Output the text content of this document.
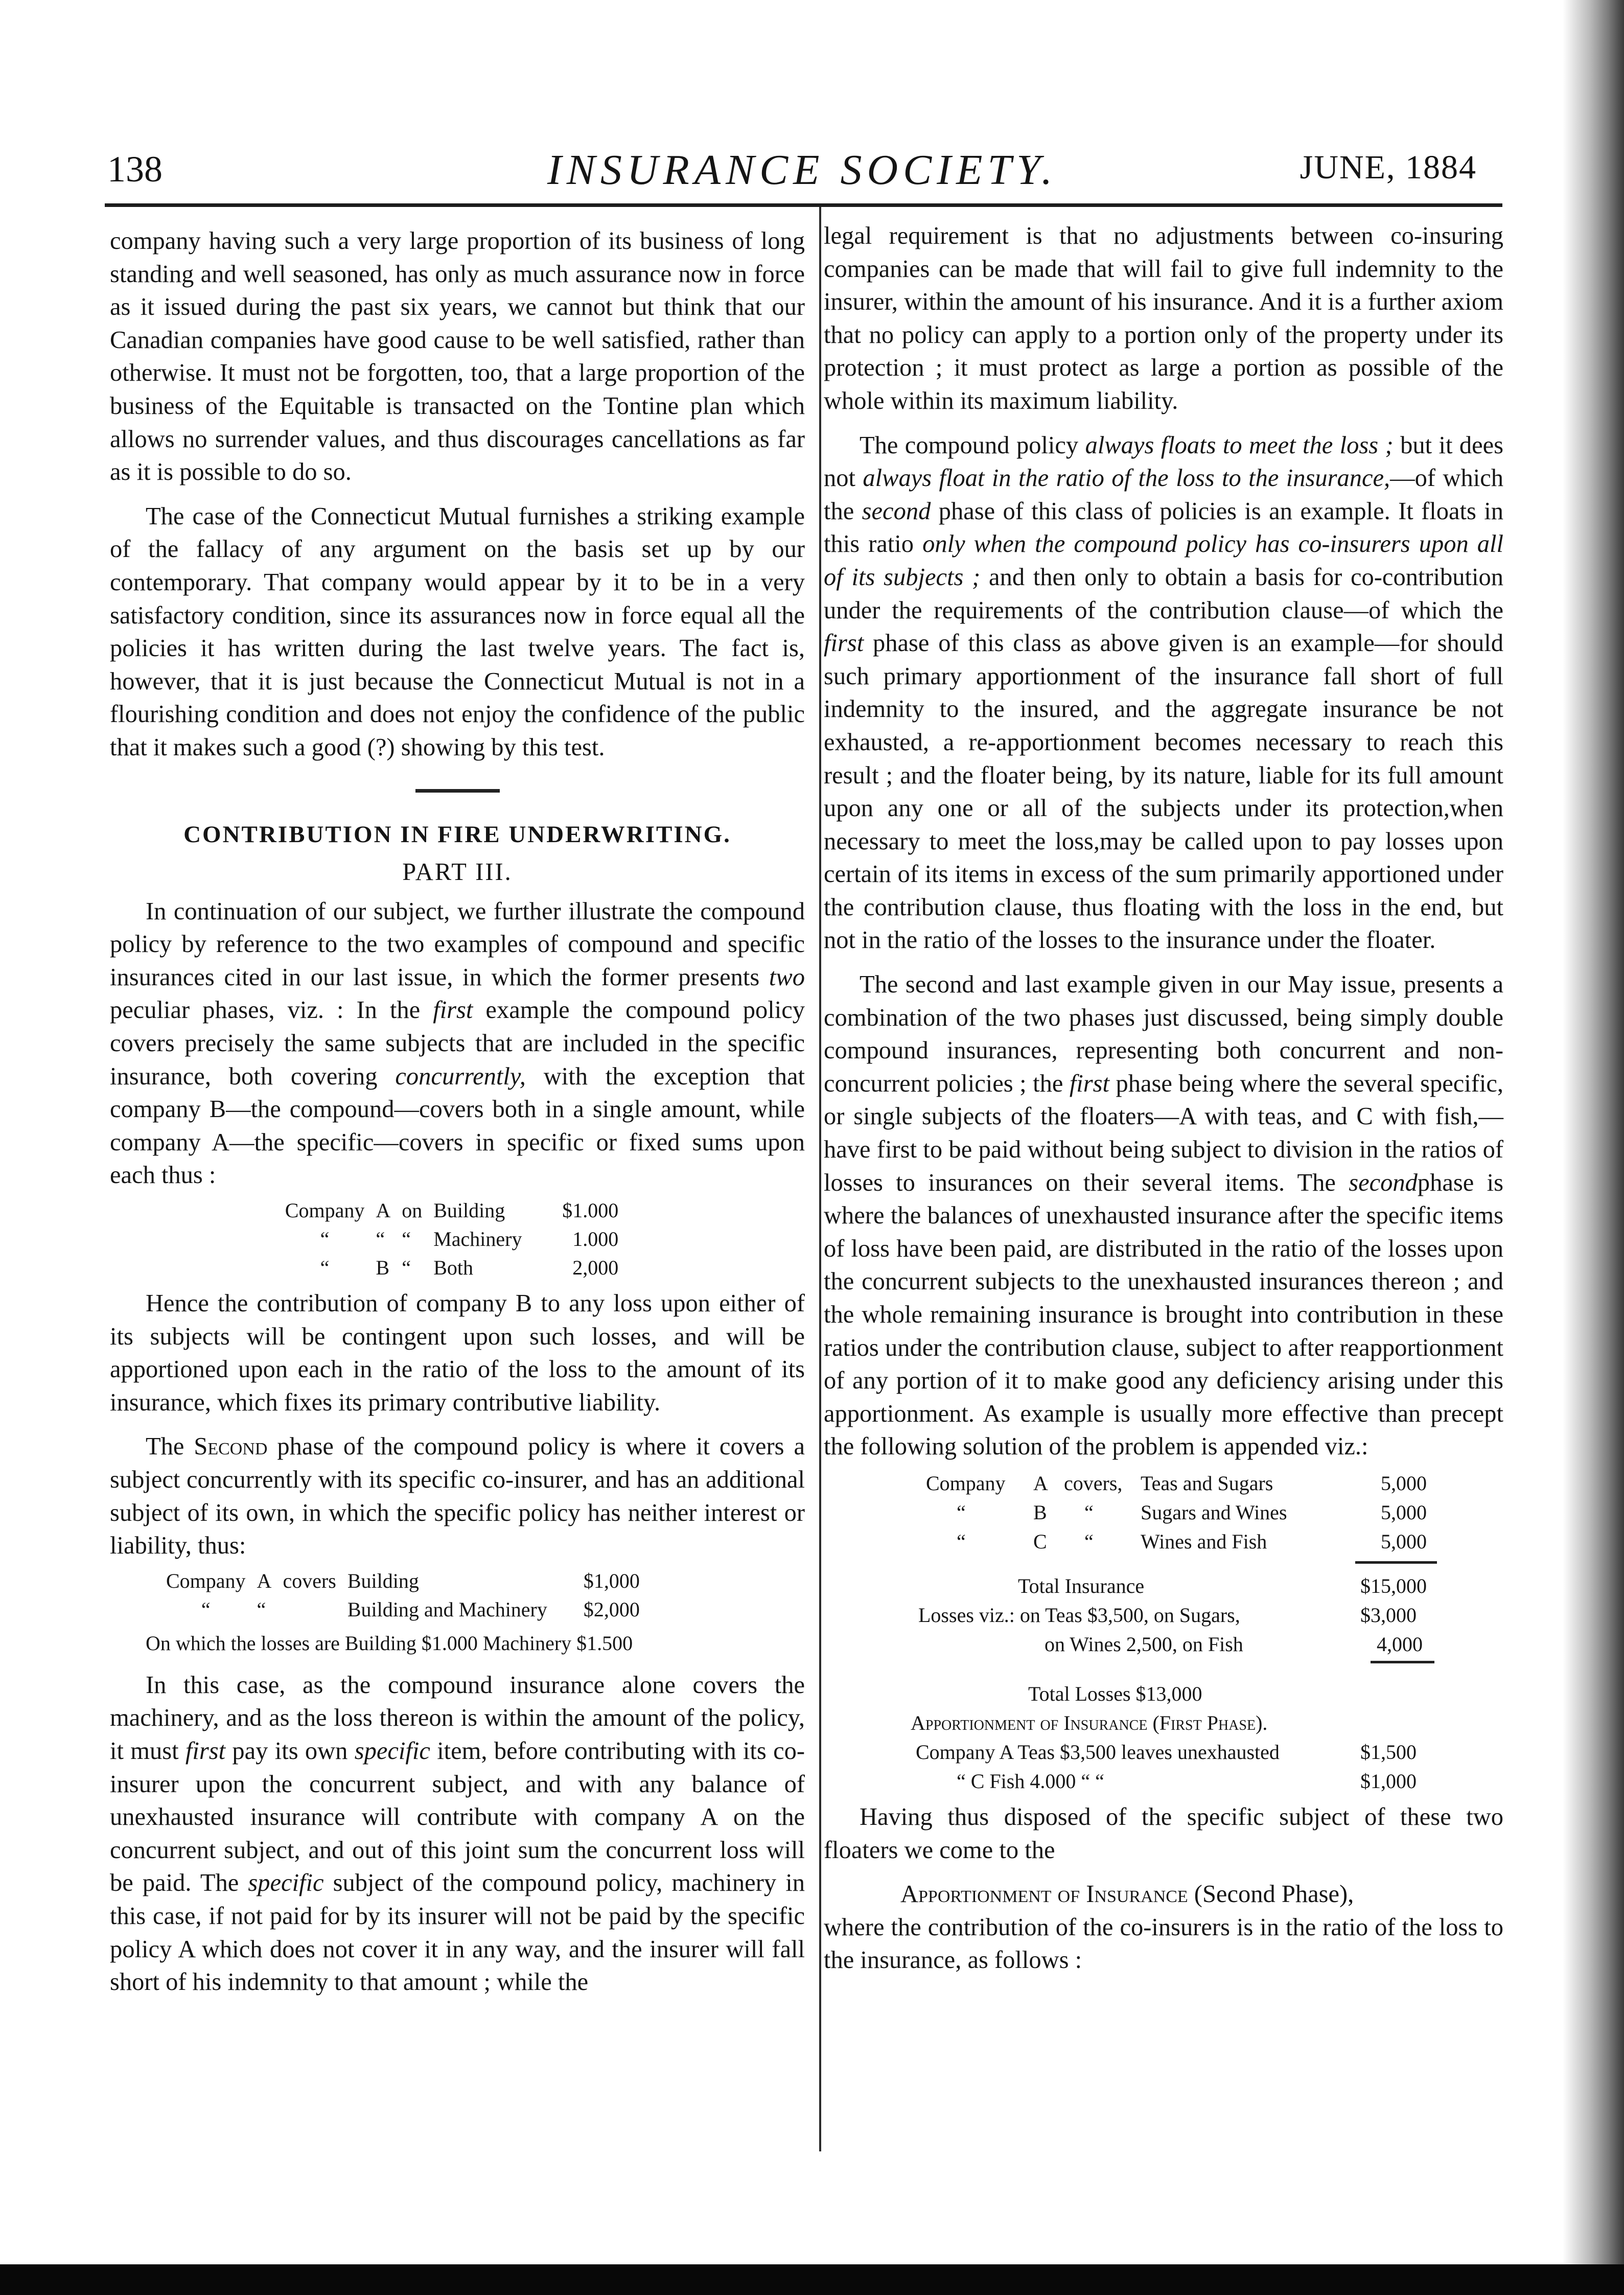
138	INSURANCE SOCIETY.	JUNE, 1884

company having such a very large proportion of its business of long standing and well seasoned, has only as much assurance now in force as it issued during the past six years, we cannot but think that our Canadian companies have good cause to be well satisfied, rather than otherwise. It must not be forgotten, too, that a large proportion of the business of the Equitable is transacted on the Tontine plan which allows no surrender values, and thus discourages cancellations as far as it is possible to do so.

The case of the Connecticut Mutual furnishes a striking example of the fallacy of any argument on the basis set up by our contemporary. That company would appear by it to be in a very satisfactory condition, since its assurances now in force equal all the policies it has written during the last twelve years. The fact is, however, that it is just because the Connecticut Mutual is not in a flourishing condition and does not enjoy the confidence of the public that it makes such a good (?) showing by this test.

CONTRIBUTION IN FIRE UNDERWRITING.
PART III.

In continuation of our subject, we further illustrate the compound policy by reference to the two examples of compound and specific insurances cited in our last issue, in which the former presents two peculiar phases, viz. : In the first example the compound policy covers precisely the same subjects that are included in the specific insurance, both covering concurrently, with the exception that company B—the compound—covers both in a single amount, while company A—the specific—covers in specific or fixed sums upon each thus :

Company	A	on	Building	$1.000
“	“	“	Machinery	1.000
“	B	“	Both	2,000

Hence the contribution of company B to any loss upon either of its subjects will be contingent upon such losses, and will be apportioned upon each in the ratio of the loss to the amount of its insurance, which fixes its primary contributive liability.

The Second phase of the compound policy is where it covers a subject concurrently with its specific co-insurer, and has an additional subject of its own, in which the specific policy has neither interest or liability, thus:

Company	A	covers	Building	$1,000
“	“		Building and Machinery	$2,000
On which the losses are Building $1.000 Machinery $1.500

In this case, as the compound insurance alone covers the machinery, and as the loss thereon is within the amount of the policy, it must first pay its own specific item, before contributing with its co-insurer upon the concurrent subject, and with any balance of unexhausted insurance will contribute with company A on the concurrent subject, and out of this joint sum the concurrent loss will be paid. The specific subject of the compound policy, machinery in this case, if not paid for by its insurer will not be paid by the specific policy A which does not cover it in any way, and the insurer will fall short of his indemnity to that amount ; while the

legal requirement is that no adjustments between co-insuring companies can be made that will fail to give full indemnity to the insurer, within the amount of his insurance. And it is a further axiom that no policy can apply to a portion only of the property under its protection ; it must protect as large a portion as possible of the whole within its maximum liability.

The compound policy always floats to meet the loss ; but it dees not always float in the ratio of the loss to the insurance,—of which the second phase of this class of policies is an example. It floats in this ratio only when the compound policy has co-insurers upon all of its subjects ; and then only to obtain a basis for co-contribution under the requirements of the contribution clause—of which the first phase of this class as above given is an example—for should such primary apportionment of the insurance fall short of full indemnity to the insured, and the aggregate insurance be not exhausted, a re-apportionment becomes necessary to reach this result ; and the floater being, by its nature, liable for its full amount upon any one or all of the subjects under its protection,when necessary to meet the loss,may be called upon to pay losses upon certain of its items in excess of the sum primarily apportioned under the contribution clause, thus floating with the loss in the end, but not in the ratio of the losses to the insurance under the floater.

The second and last example given in our May issue, presents a combination of the two phases just discussed, being simply double compound insurances, representing both concurrent and non-concurrent policies ; the first phase being where the several specific, or single subjects of the floaters—A with teas, and C with fish,—have first to be paid without being subject to division in the ratios of losses to insurances on their several items. The secondphase is where the balances of unexhausted insurance after the specific items of loss have been paid, are distributed in the ratio of the losses upon the concurrent subjects to the unexhausted insurances thereon ; and the whole remaining insurance is brought into contribution in these ratios under the contribution clause, subject to after reapportionment of any portion of it to make good any deficiency arising under this apportionment. As example is usually more effective than precept the following solution of the problem is appended viz.:

Company A covers, Teas and Sugars	5,000
“	B “ Sugars and Wines	5,000
“	C “ Wines and Fish	5,000
Total Insurance	$15,000
Losses viz.: on Teas $3,500, on Sugars,	$3,000
on Wines 2,500, on Fish	4,000
Total Losses $13,000
Apportionment of Insurance (First Phase).
Company A Teas $3,500 leaves unexhausted	$1,500
“ C Fish 4.000 “ “	$1,000

Having thus disposed of the specific subject of these two floaters we come to the

Apportionment of Insurance (Second Phase),

where the contribution of the co-insurers is in the ratio of the loss to the insurance, as follows :
